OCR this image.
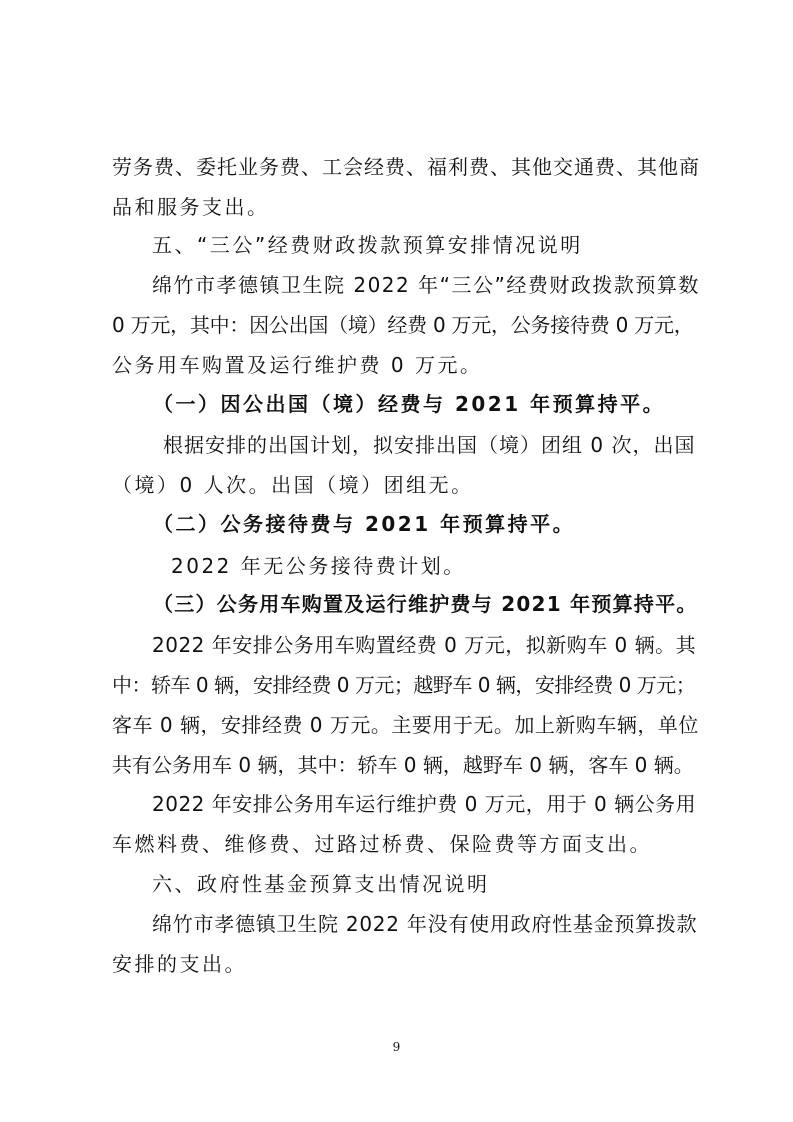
劳务费、委托业务费、工会经费、福利费、其他交通费、其他商
品和服务支出。
五、“三公”经费财政拨款预算安排情况说明
绵竹市孝德镇卫生院 2022 年“三公”经费财政拨款预算数
0 万元，其中：因公出国（境）经费 0 万元，公务接待费 0 万元，
公务用车购置及运行维护费 0 万元。
（一）因公出国（境）经费与 2021 年预算持平。
根据安排的出国计划，拟安排出国（境）团组 0 次，出国
（境）0 人次。出国（境）团组无。
（二）公务接待费与 2021 年预算持平。
2022 年无公务接待费计划。
（三）公务用车购置及运行维护费与 2021 年预算持平。
2022 年安排公务用车购置经费 0 万元，拟新购车 0 辆。其
中：轿车 0 辆，安排经费 0 万元；越野车 0 辆，安排经费 0 万元；
客车 0 辆，安排经费 0 万元。主要用于无。加上新购车辆，单位
共有公务用车 0 辆，其中：轿车 0 辆，越野车 0 辆，客车 0 辆。
2022 年安排公务用车运行维护费 0 万元，用于 0 辆公务用
车燃料费、维修费、过路过桥费、保险费等方面支出。
六、政府性基金预算支出情况说明
绵竹市孝德镇卫生院 2022 年没有使用政府性基金预算拨款
安排的支出。
9
